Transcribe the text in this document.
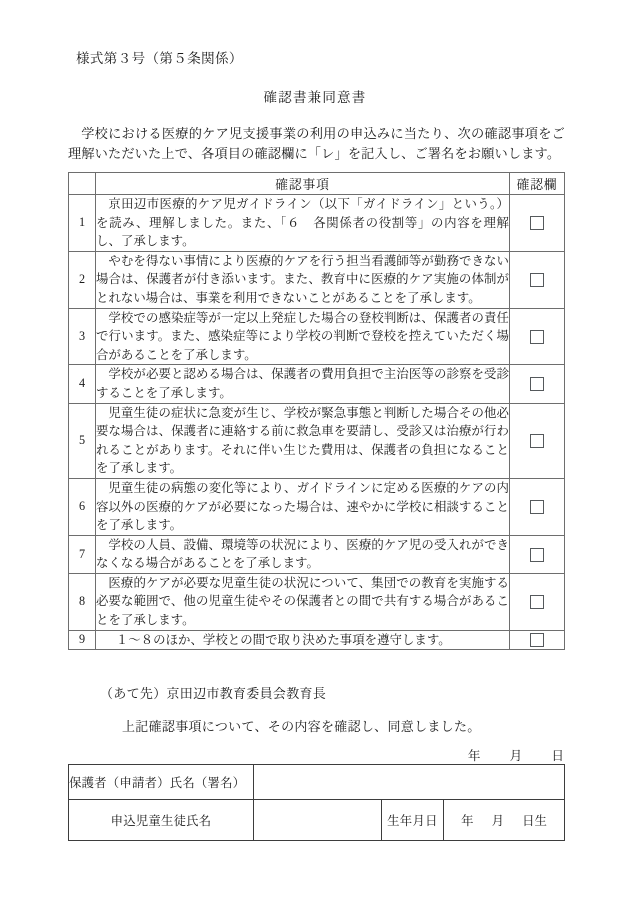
様式第３号（第５条関係）
確認書兼同意書
学校における医療的ケア児支援事業の利用の申込みに当たり、次の確認事項をご理解いただいた上で、各項目の確認欄に「レ」を記入し、ご署名をお願いします。
	確認事項	確認欄
1	京田辺市医療的ケア児ガイドライン（以下「ガイドライン」という。）を読み、理解しました。また、「６　各関係者の役割等」の内容を理解し、了承します。	
2	やむを得ない事情により医療的ケアを行う担当看護師等が勤務できない場合は、保護者が付き添います。また、教育中に医療的ケア実施の体制がとれない場合は、事業を利用できないことがあることを了承します。	
3	学校での感染症等が一定以上発症した場合の登校判断は、保護者の責任で行います。また、感染症等により学校の判断で登校を控えていただく場合があることを了承します。	
4	学校が必要と認める場合は、保護者の費用負担で主治医等の診察を受診することを了承します。	
5	児童生徒の症状に急変が生じ、学校が緊急事態と判断した場合その他必要な場合は、保護者に連絡する前に救急車を要請し、受診又は治療が行われることがあります。それに伴い生じた費用は、保護者の負担になることを了承します。	
6	児童生徒の病態の変化等により、ガイドラインに定める医療的ケアの内容以外の医療的ケアが必要になった場合は、速やかに学校に相談することを了承します。	
7	学校の人員、設備、環境等の状況により、医療的ケア児の受入れができなくなる場合があることを了承します。	
8	医療的ケアが必要な児童生徒の状況について、集団での教育を実施する必要な範囲で、他の児童生徒やその保護者との間で共有する場合があることを了承します。	
9	１〜８のほか、学校との間で取り決めた事項を遵守します。	
（あて先）京田辺市教育委員会教育長
上記確認事項について、その内容を確認し、同意しました。
年 月 日
保護者（申請者）氏名（署名）			
申込児童生徒氏名		生年月日	年 月 日生
